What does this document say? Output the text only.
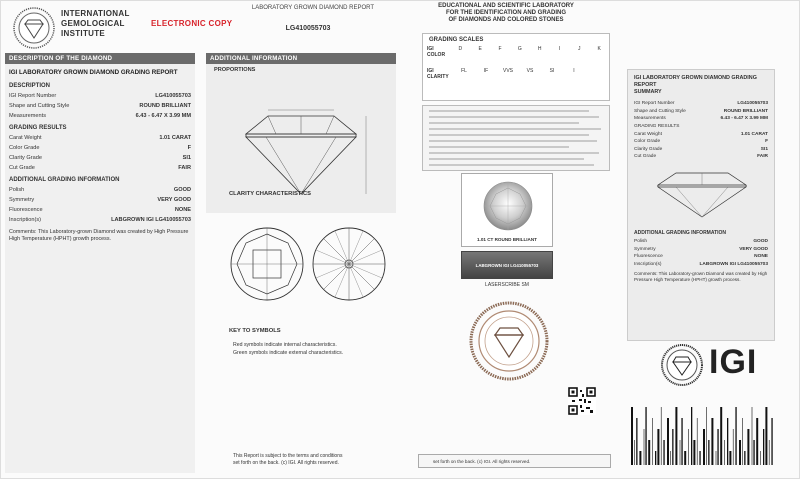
INTERNATIONAL
GEMOLOGICAL
INSTITUTE
ELECTRONIC COPY
LABORATORY GROWN DIAMOND REPORT
LG410055703
EDUCATIONAL AND SCIENTIFIC LABORATORY
FOR THE IDENTIFICATION AND GRADING
OF DIAMONDS AND COLORED STONES
DESCRIPTION OF THE DIAMOND
IGI LABORATORY GROWN DIAMOND GRADING REPORT
DESCRIPTION
IGI Report Number	LG410055703
Shape and Cutting Style	ROUND BRILLIANT
Measurements	6.43 - 6.47 X 3.99 MM
GRADING RESULTS
Carat Weight	1.01 CARAT
Color Grade	F
Clarity Grade	SI1
Cut Grade	FAIR
ADDITIONAL GRADING INFORMATION
Polish	GOOD
Symmetry	VERY GOOD
Fluorescence	NONE
Inscription(s)	LABGROWN IGI LG410055703
Comments: This Laboratory-grown Diamond was created by High Pressure High Temperature (HPHT) growth process.
ADDITIONAL INFORMATION
PROPORTIONS
CLARITY CHARACTERISTICS
KEY TO SYMBOLS
Red symbols indicate internal characteristics.
Green symbols indicate external characteristics.
This Report is subject to the terms and conditions
set forth on the back. (c) IGI. All rights reserved.
GRADING SCALES
IGI COLOR
D	E	F	G	H	I	J	K
IGI CLARITY
FL	IF	VVS	VS	SI	I
1.01 CT ROUND BRILLIANT
LABGROWN IGI LG410055703
LASERSCRIBE SM
set forth on the back. (c) IGI. All rights reserved.
IGI LABORATORY GROWN DIAMOND GRADING REPORT
SUMMARY
IGI Report Number	LG410055703
Shape and Cutting Style	ROUND BRILLIANT
Measurements	6.43 - 6.47 X 3.99 MM
GRADING RESULTS
Carat Weight	1.01 CARAT
Color Grade	F
Clarity Grade	SI1
Cut Grade	FAIR
ADDITIONAL GRADING INFORMATION
Polish	GOOD
Symmetry	VERY GOOD
Fluorescence	NONE
Inscription(s)	LABGROWN IGI LG410055703
Comments: This Laboratory-grown Diamond was created by High Pressure High Temperature (HPHT) growth process.
IGI
